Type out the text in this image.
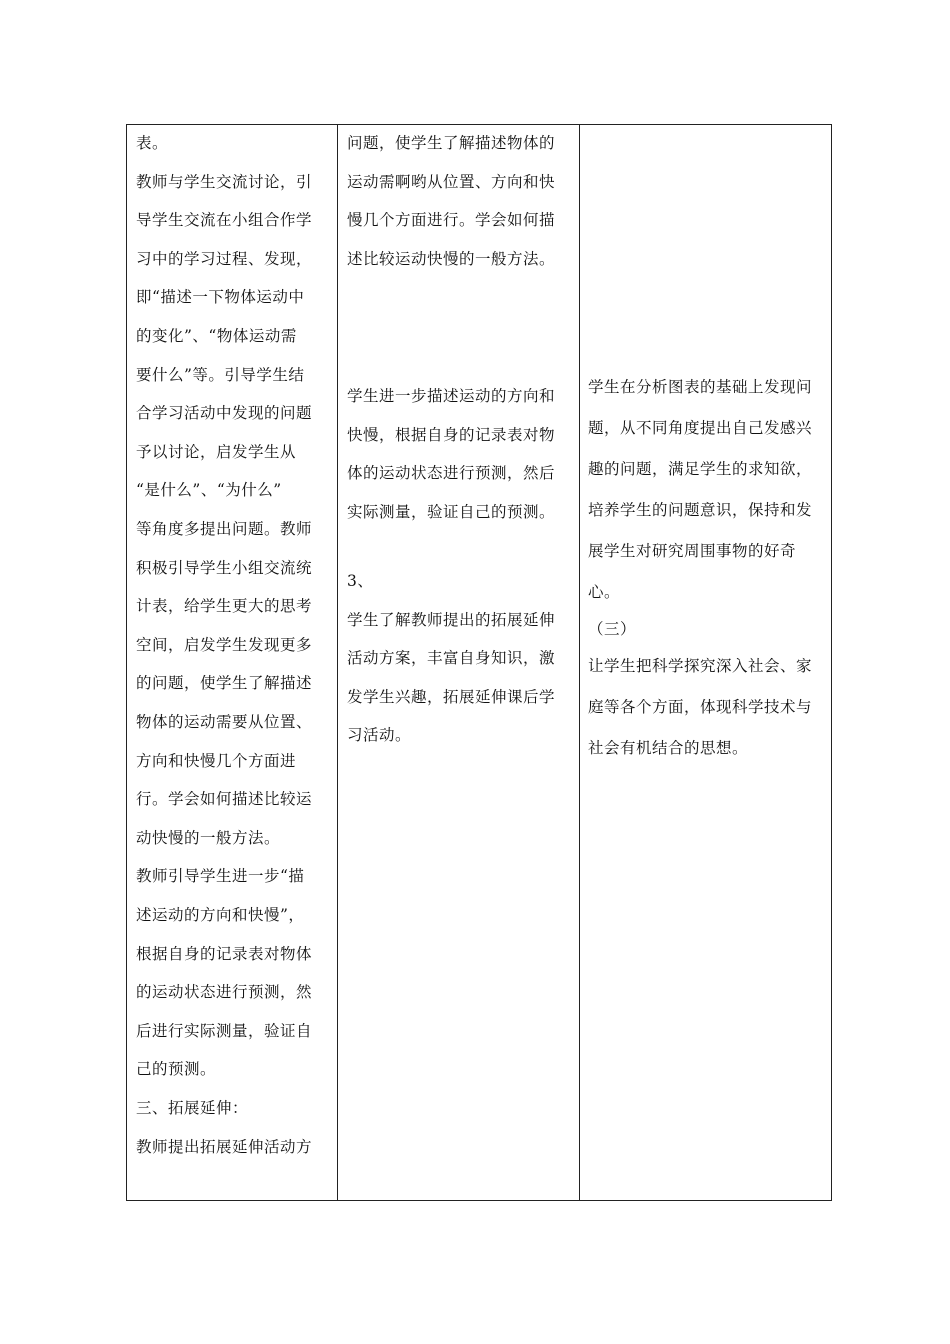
表。

教师与学生交流讨论，引

导学生交流在小组合作学

习中的学习过程、发现，

即“描述一下物体运动中

的变化”、“物体运动需

要什么”等。引导学生结

合学习活动中发现的问题

予以讨论，启发学生从

“是什么”、“为什么”

等角度多提出问题。教师

积极引导学生小组交流统

计表，给学生更大的思考

空间，启发学生发现更多

的问题，使学生了解描述

物体的运动需要从位置、

方向和快慢几个方面进

行。学会如何描述比较运

动快慢的一般方法。

教师引导学生进一步“描

述运动的方向和快慢”，

根据自身的记录表对物体

的运动状态进行预测，然

后进行实际测量，验证自

己的预测。

三、拓展延伸：

教师提出拓展延伸活动方

问题，使学生了解描述物体的

运动需啊哟从位置、方向和快

慢几个方面进行。学会如何描

述比较运动快慢的一般方法。

学生进一步描述运动的方向和

快慢，根据自身的记录表对物

体的运动状态进行预测，然后

实际测量，验证自己的预测。

3、

学生了解教师提出的拓展延伸

活动方案，丰富自身知识，激

发学生兴趣，拓展延伸课后学

习活动。

学生在分析图表的基础上发现问

题，从不同角度提出自己发感兴

趣的问题，满足学生的求知欲，

培养学生的问题意识，保持和发

展学生对研究周围事物的好奇

心。

（三）

让学生把科学探究深入社会、家

庭等各个方面，体现科学技术与

社会有机结合的思想。
